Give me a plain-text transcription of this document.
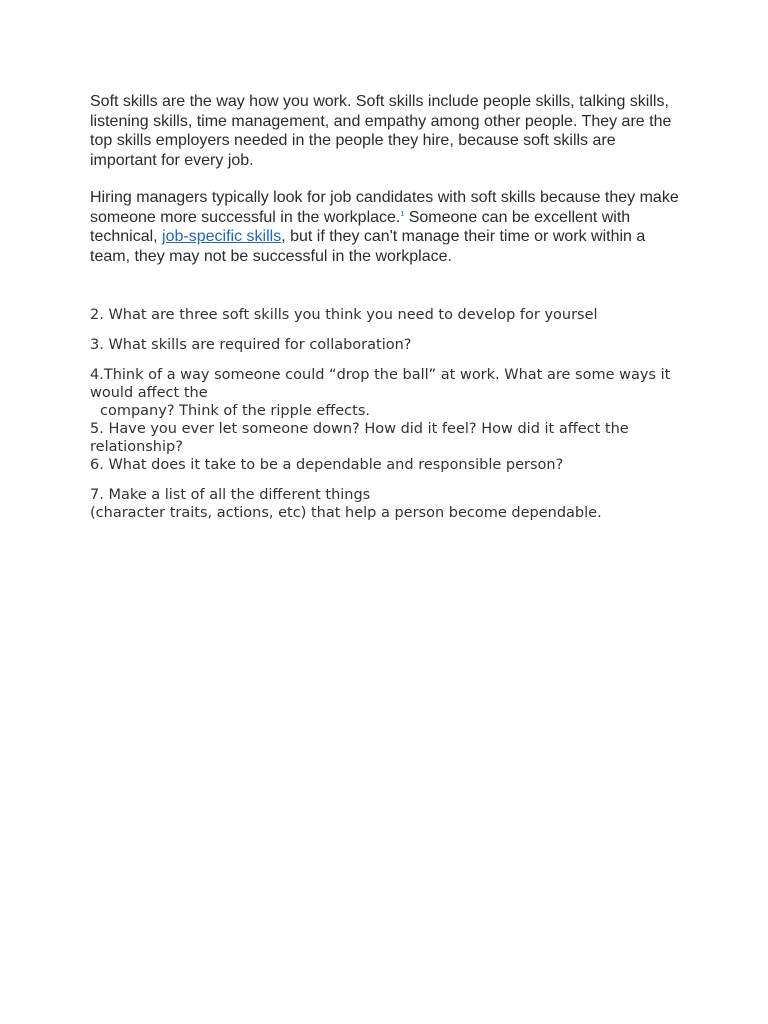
Soft skills are the way how you work. Soft skills include people skills, talking skills, listening skills, time management, and empathy among other people. They are the top skills employers needed in the people they hire, because soft skills are important for every job.

Hiring managers typically look for job candidates with soft skills because they make someone more successful in the workplace.$^1$ Someone can be excellent with technical, job-specific skills, but if they can't manage their time or work within a team, they may not be successful in the workplace.

2. What are three soft skills you think you need to develop for yoursel

3. What skills are required for collaboration?

4.Think of a way someone could “drop the ball” at work. What are some ways it would affect the
company? Think of the ripple effects.

5. Have you ever let someone down? How did it feel? How did it affect the relationship?

6. What does it take to be a dependable and responsible person?

7. Make a list of all the different things
(character traits, actions, etc) that help a person become dependable.
